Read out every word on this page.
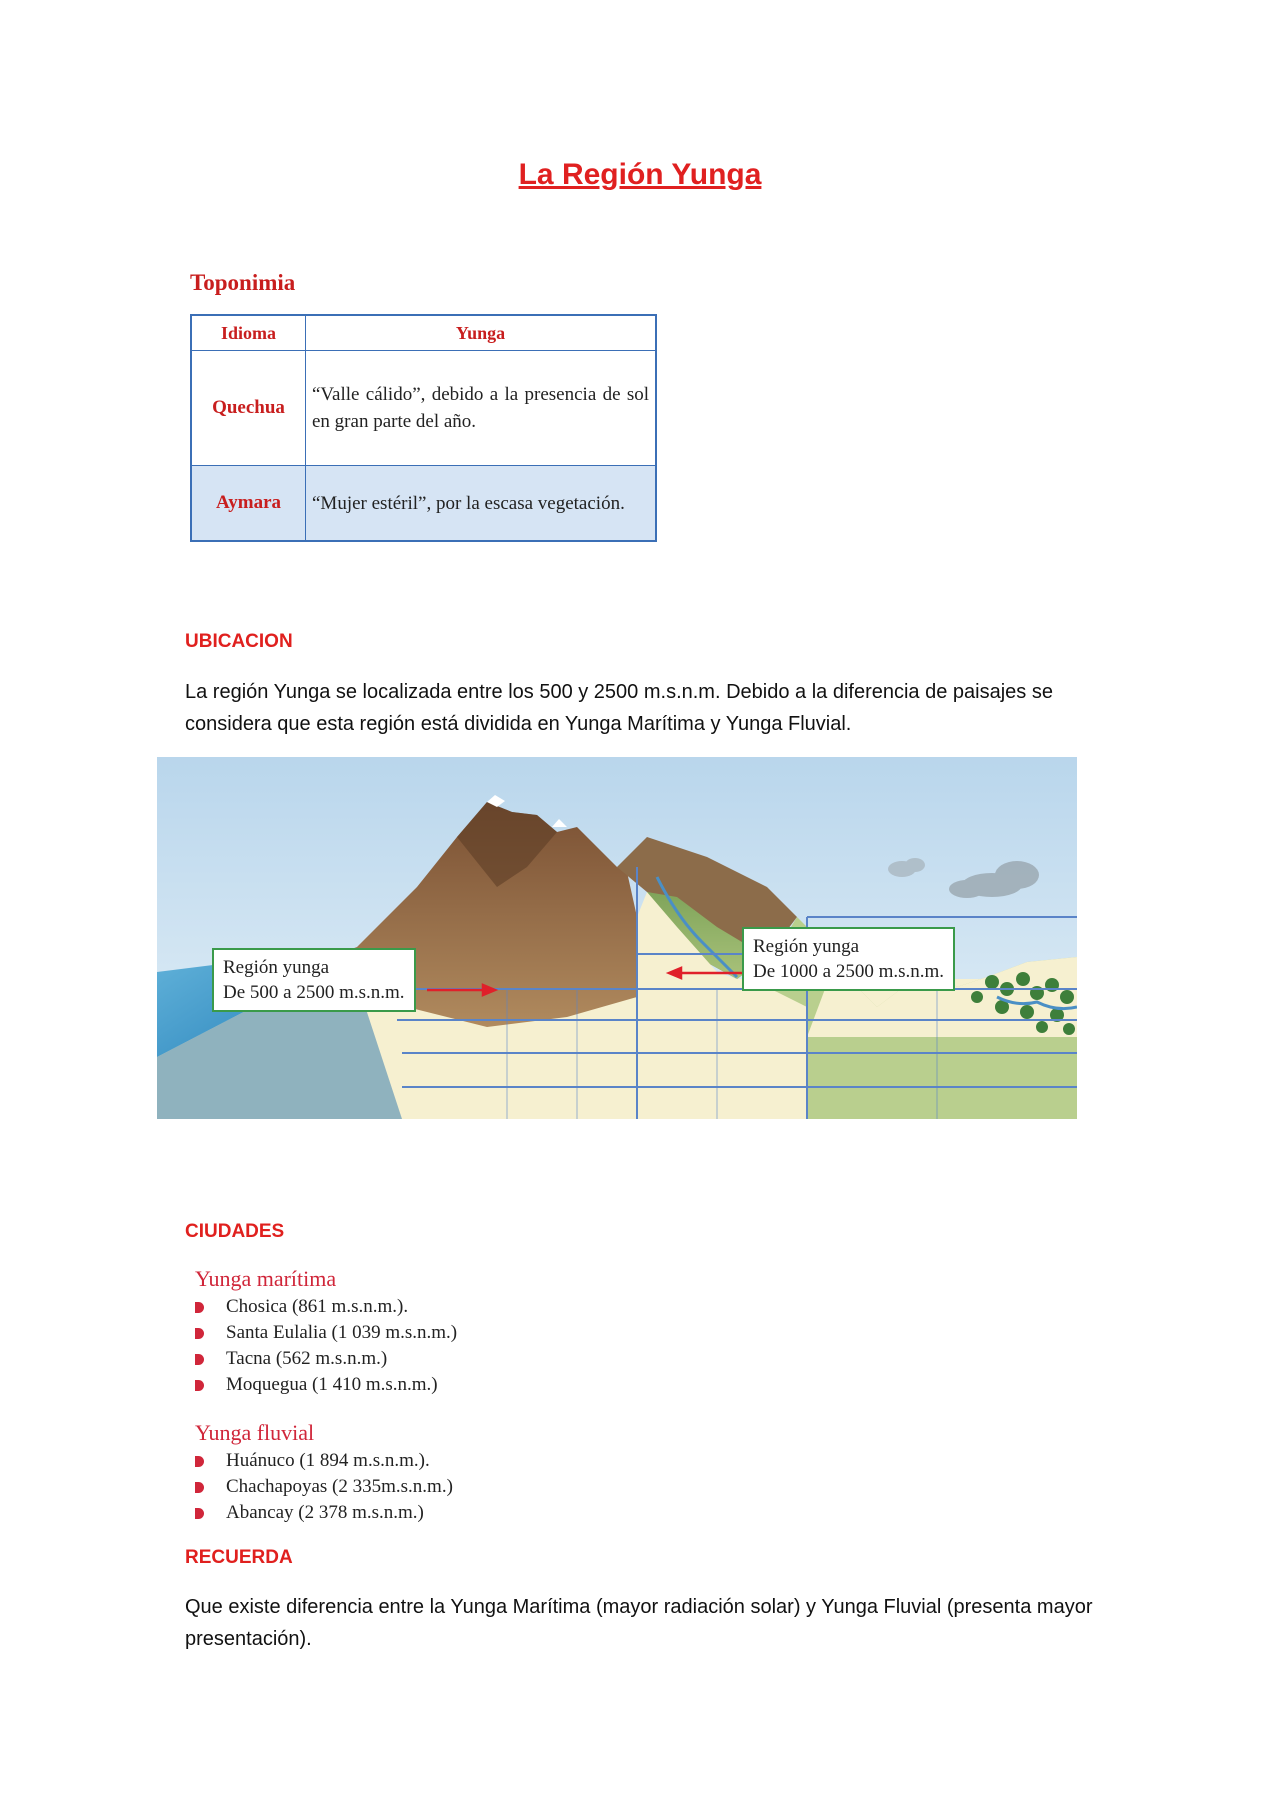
La Región Yunga
Toponimia
Idioma	Yunga
Quechua	“Valle cálido”, debido a la presencia de sol en gran parte del año.
Aymara	“Mujer estéril”, por la escasa vegetación.
UBICACION
La región Yunga se localizada entre los 500 y 2500 m.s.n.m. Debido a la diferencia de paisajes se considera que esta región está dividida en Yunga Marítima y Yunga Fluvial.
Región yunga
De 500 a 2500 m.s.n.m.
Región yunga
De 1000 a 2500 m.s.n.m.
CIUDADES
Yunga marítima
Chosica (861 m.s.n.m.).
Santa Eulalia (1 039 m.s.n.m.)
Tacna (562 m.s.n.m.)
Moquegua (1 410 m.s.n.m.)
Yunga fluvial
Huánuco (1 894 m.s.n.m.).
Chachapoyas (2 335m.s.n.m.)
Abancay (2 378 m.s.n.m.)
RECUERDA
Que existe diferencia entre la Yunga Marítima (mayor radiación solar) y Yunga Fluvial (presenta mayor presentación).
